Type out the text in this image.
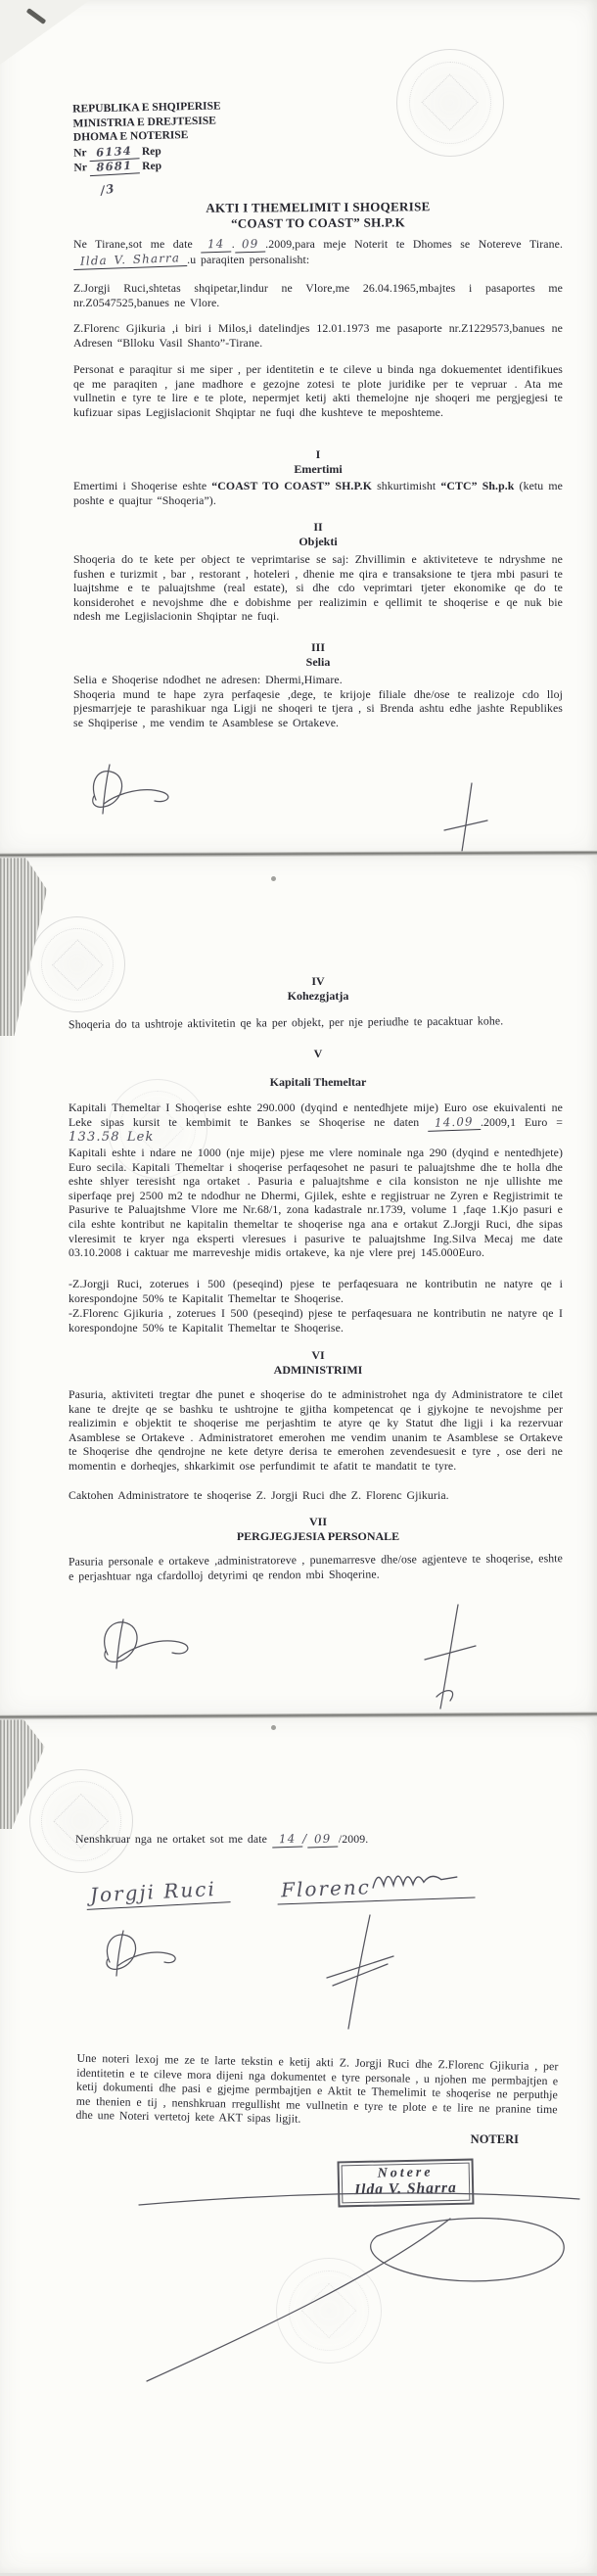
REPUBLIKA E SHQIPERISE
MINISTRIA E DREJTESISE
DHOMA E NOTERISE
Nr 6134 Rep
Nr 8681 Rep
/3
AKTI I THEMELIMIT I SHOQERISE
“COAST TO COAST” SH.P.K

Ne Tirane,sot me date 14 . 09 .2009,para meje Noterit te Dhomes se Notereve Tirane. Ilda V. Sharra .u paraqiten personalisht:

Z.Jorgji Ruci,shtetas shqipetar,lindur ne Vlore,me 26.04.1965,mbajtes i pasaportes me nr.Z0547525,banues ne Vlore.

Z.Florenc Gjikuria ,i biri i Milos,i datelindjes 12.01.1973 me pasaporte nr.Z1229573,banues ne Adresen “Blloku Vasil Shanto”-Tirane.

Personat e paraqitur si me siper , per identitetin e te cileve u binda nga dokuementet identifikues qe me paraqiten , jane madhore e gezojne zotesi te plote juridike per te vepruar . Ata me vullnetin e tyre te lire e te plote, nepermjet ketij akti themelojne nje shoqeri me pergjegjesi te kufizuar sipas Legjislacionit Shqiptar ne fuqi dhe kushteve te meposhteme.

I
Emertimi

Emertimi i Shoqerise eshte “COAST TO COAST” SH.P.K shkurtimisht “CTC” Sh.p.k (ketu me poshte e quajtur “Shoqeria”).

II
Objekti

Shoqeria do te kete per object te veprimtarise se saj: Zhvillimin e aktiviteteve te ndryshme ne fushen e turizmit , bar , restorant , hoteleri , dhenie me qira e transaksione te tjera mbi pasuri te luajtshme e te paluajtshme (real estate), si dhe cdo veprimtari tjeter ekonomike qe do te konsiderohet e nevojshme dhe e dobishme per realizimin e qellimit te shoqerise e qe nuk bie ndesh me Legjislacionin Shqiptar ne fuqi.

III
Selia

Selia e Shoqerise ndodhet ne adresen: Dhermi,Himare.
Shoqeria mund te hape zyra perfaqesie ,dege, te krijoje filiale dhe/ose te realizoje cdo lloj pjesmarrjeje te parashikuar nga Ligji ne shoqeri te tjera , si Brenda ashtu edhe jashte Republikes se Shqiperise , me vendim te Asamblese se Ortakeve.

IV
Kohezgjatja

Shoqeria do ta ushtroje aktivitetin qe ka per objekt, per nje periudhe te pacaktuar kohe.

V
Kapitali Themeltar

Kapitali Themeltar I Shoqerise eshte 290.000 (dyqind e nentedhjete mije) Euro ose ekuivalenti ne Leke sipas kursit te kembimit te Bankes se Shoqerise ne daten 14.09 .2009,1 Euro = 133.58 Lek

Kapitali eshte i ndare ne 1000 (nje mije) pjese me vlere nominale nga 290 (dyqind e nentedhjete) Euro secila. Kapitali Themeltar i shoqerise perfaqesohet ne pasuri te paluajtshme dhe te holla dhe eshte shlyer teresisht nga ortaket . Pasuria e paluajtshme e cila konsiston ne nje ullishte me siperfaqe prej 2500 m2 te ndodhur ne Dhermi, Gjilek, eshte e regjistruar ne Zyren e Regjistrimit te Pasurive te Paluajtshme Vlore me Nr.68/1, zona kadastrale nr.1739, volume 1 ,faqe 1.Kjo pasuri e cila eshte kontribut ne kapitalin themeltar te shoqerise nga ana e ortakut Z.Jorgji Ruci, dhe sipas vleresimit te kryer nga eksperti vleresues i pasurive te paluajtshme Ing.Silva Mecaj me date 03.10.2008 i caktuar me marreveshje midis ortakeve, ka nje vlere prej 145.000Euro.

-Z.Jorgji Ruci, zoterues i 500 (peseqind) pjese te perfaqesuara ne kontributin ne natyre qe i korespondojne 50% te Kapitalit Themeltar te Shoqerise.

-Z.Florenc Gjikuria , zoterues I 500 (peseqind) pjese te perfaqesuara ne kontributin ne natyre qe I korespondojne 50% te Kapitalit Themeltar te Shoqerise.

VI
ADMINISTRIMI

Pasuria, aktiviteti tregtar dhe punet e shoqerise do te administrohet nga dy Administratore te cilet kane te drejte qe se bashku te ushtrojne te gjitha kompetencat qe i gjykojne te nevojshme per realizimin e objektit te shoqerise me perjashtim te atyre qe ky Statut dhe ligji i ka rezervuar Asamblese se Ortakeve . Administratoret emerohen me vendim unanim te Asamblese se Ortakeve te Shoqerise dhe qendrojne ne kete detyre derisa te emerohen zevendesuesit e tyre , ose deri ne momentin e dorheqjes, shkarkimit ose perfundimit te afatit te mandatit te tyre.

Caktohen Administratore te shoqerise Z. Jorgji Ruci dhe Z. Florenc Gjikuria.

VII
PERGJEGJESIA PERSONALE

Pasuria personale e ortakeve ,administratoreve , punemarresve dhe/ose agjenteve te shoqerise, eshte e perjashtuar nga cfardolloj detyrimi qe rendon mbi Shoqerine.

Nenshkruar nga ne ortaket sot me date 14 / 09 /2009.

Jorgji Ruci	Florenc

Une noteri lexoj me ze te larte tekstin e ketij akti Z. Jorgji Ruci dhe Z.Florenc Gjikuria , per identitetin e te cileve mora dijeni nga dokumentet e tyre personale , u njohen me permbajtjen e ketij dokumenti dhe pasi e gjejme permbajtjen e Aktit te Themelimit te shoqerise ne perputhje me thenien e tij , nenshkruan rregullisht me vullnetin e tyre te plote e te lire ne pranine time dhe une Noteri vertetoj kete AKT sipas ligjit.

NOTERI
Notere
Ilda V. Sharra
